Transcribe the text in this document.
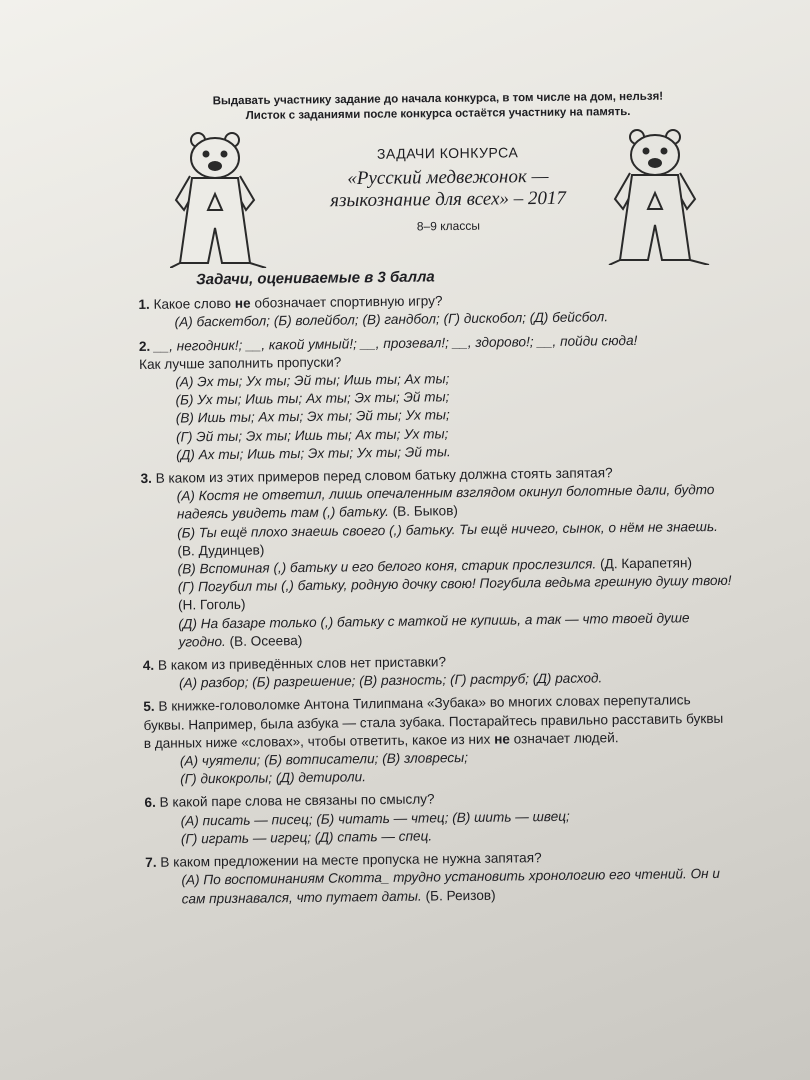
Выдавать участнику задание до начала конкурса, в том числе на дом, нельзя!
Листок с заданиями после конкурса остаётся участнику на память.
ЗАДАЧИ КОНКУРСА
«Русский медвежонок —
языкознание для всех» – 2017
8–9 классы
Задачи, оцениваемые в 3 балла
1. Какое слово не обозначает спортивную игру?
(А) баскетбол; (Б) волейбол; (В) гандбол; (Г) дискобол; (Д) бейсбол.
2. __, негодник!; __, какой умный!; __, прозевал!; __, здорово!; __, пойди сюда!
Как лучше заполнить пропуски?
(А) Эх ты; Ух ты; Эй ты; Ишь ты; Ах ты;
(Б) Ух ты; Ишь ты; Ах ты; Эх ты; Эй ты;
(В) Ишь ты; Ах ты; Эх ты; Эй ты; Ух ты;
(Г) Эй ты; Эх ты; Ишь ты; Ах ты; Ух ты;
(Д) Ах ты; Ишь ты; Эх ты; Ух ты; Эй ты.
3. В каком из этих примеров перед словом батьку должна стоять запятая?
(А) Костя не ответил, лишь опечаленным взглядом окинул болотные дали, будто надеясь увидеть там (,) батьку. (В. Быков)
(Б) Ты ещё плохо знаешь своего (,) батьку. Ты ещё ничего, сынок, о нём не знаешь. (В. Дудинцев)
(В) Вспоминая (,) батьку и его белого коня, старик прослезился. (Д. Карапетян)
(Г) Погубил ты (,) батьку, родную дочку свою! Погубила ведьма грешную душу твою! (Н. Гоголь)
(Д) На базаре только (,) батьку с маткой не купишь, а так — что твоей душе угодно. (В. Осеева)
4. В каком из приведённых слов нет приставки?
(А) разбор; (Б) разрешение; (В) разность; (Г) раструб; (Д) расход.
5. В книжке-головоломке Антона Тилипмана «Зубака» во многих словах перепутались буквы. Например, была азбука — стала зубака. Постарайтесь правильно расставить буквы в данных ниже «словах», чтобы ответить, какое из них не означает людей.
(А) чуятели; (Б) вотписатели; (В) зловресы;
(Г) дикокролы; (Д) детироли.
6. В какой паре слова не связаны по смыслу?
(А) писать — писец; (Б) читать — чтец; (В) шить — швец;
(Г) играть — игрец; (Д) спать — спец.
7. В каком предложении на месте пропуска не нужна запятая?
(А) По воспоминаниям Скотта_ трудно установить хронологию его чтений. Он и сам признавался, что путает даты. (Б. Реизов)
